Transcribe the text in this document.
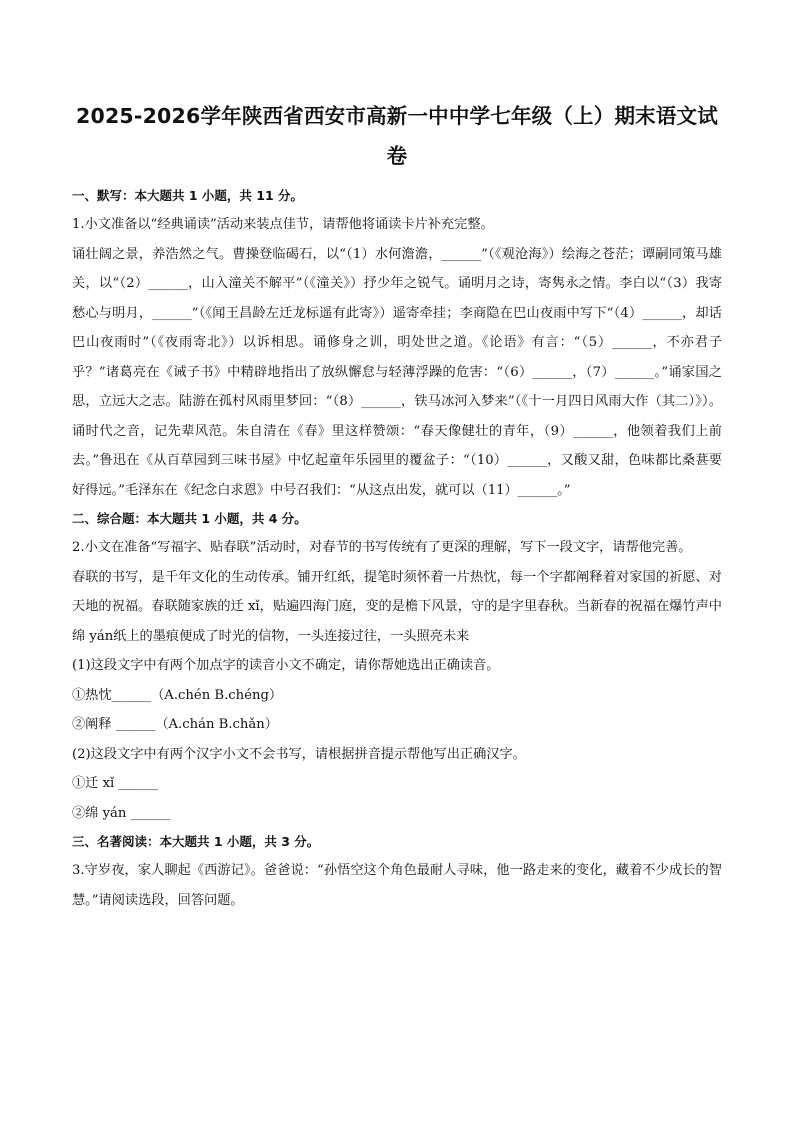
2025-2026学年陕西省西安市高新一中中学七年级（上）期末语文试
卷

一、默写：本大题共 1 小题，共 11 分。

1.小文准备以“经典诵读”活动来装点佳节，请帮他将诵读卡片补充完整。

诵壮阔之景，养浩然之气。曹操登临碣石，以“（1）水何澹澹，______”（《观沧海》）绘海之苍茫；谭嗣同策马雄关，以“（2）______，山入潼关不解平”（《潼关》）抒少年之锐气。诵明月之诗，寄隽永之情。李白以“（3）我寄愁心与明月，______”（《闻王昌龄左迁龙标遥有此寄》）遥寄牵挂；李商隐在巴山夜雨中写下“（4）______，却话巴山夜雨时”（《夜雨寄北》）以诉相思。诵修身之训，明处世之道。《论语》有言：“（5）______，不亦君子乎？”诸葛亮在《诫子书》中精辟地指出了放纵懈怠与轻薄浮躁的危害：“（6）______，（7）______。”诵家国之思，立远大之志。陆游在孤村风雨里梦回：“（8）______，铁马冰河入梦来”（《十一月四日风雨大作（其二）》）。诵时代之音，记先辈风范。朱自清在《春》里这样赞颂：“春天像健壮的青年，（9）______，他领着我们上前去。”鲁迅在《从百草园到三味书屋》中忆起童年乐园里的覆盆子：“（10）______，又酸又甜，色味都比桑葚要好得远。”毛泽东在《纪念白求恩》中号召我们：“从这点出发，就可以（11）______。”

二、综合题：本大题共 1 小题，共 4 分。

2.小文在准备“写福字、贴春联”活动时，对春节的书写传统有了更深的理解，写下一段文字，请帮他完善。

春联的书写，是千年文化的生动传承。铺开红纸，提笔时须怀着一片热忱，每一个字都阐释着对家国的祈愿、对天地的祝福。春联随家族的迁 xǐ，贴遍四海门庭，变的是檐下风景，守的是字里春秋。当新春的祝福在爆竹声中绵 yán纸上的墨痕便成了时光的信物，一头连接过往，一头照亮未来

(1)这段文字中有两个加点字的读音小文不确定，请你帮她选出正确读音。

①热忱______（A.chén B.chéng）

②阐释 ______（A.chán B.chǎn）

(2)这段文字中有两个汉字小文不会书写，请根据拼音提示帮他写出正确汉字。

①迁 xǐ ______

②绵 yán ______

三、名著阅读：本大题共 1 小题，共 3 分。

3.守岁夜，家人聊起《西游记》。爸爸说：“孙悟空这个角色最耐人寻味，他一路走来的变化，藏着不少成长的智慧。”请阅读选段，回答问题。
